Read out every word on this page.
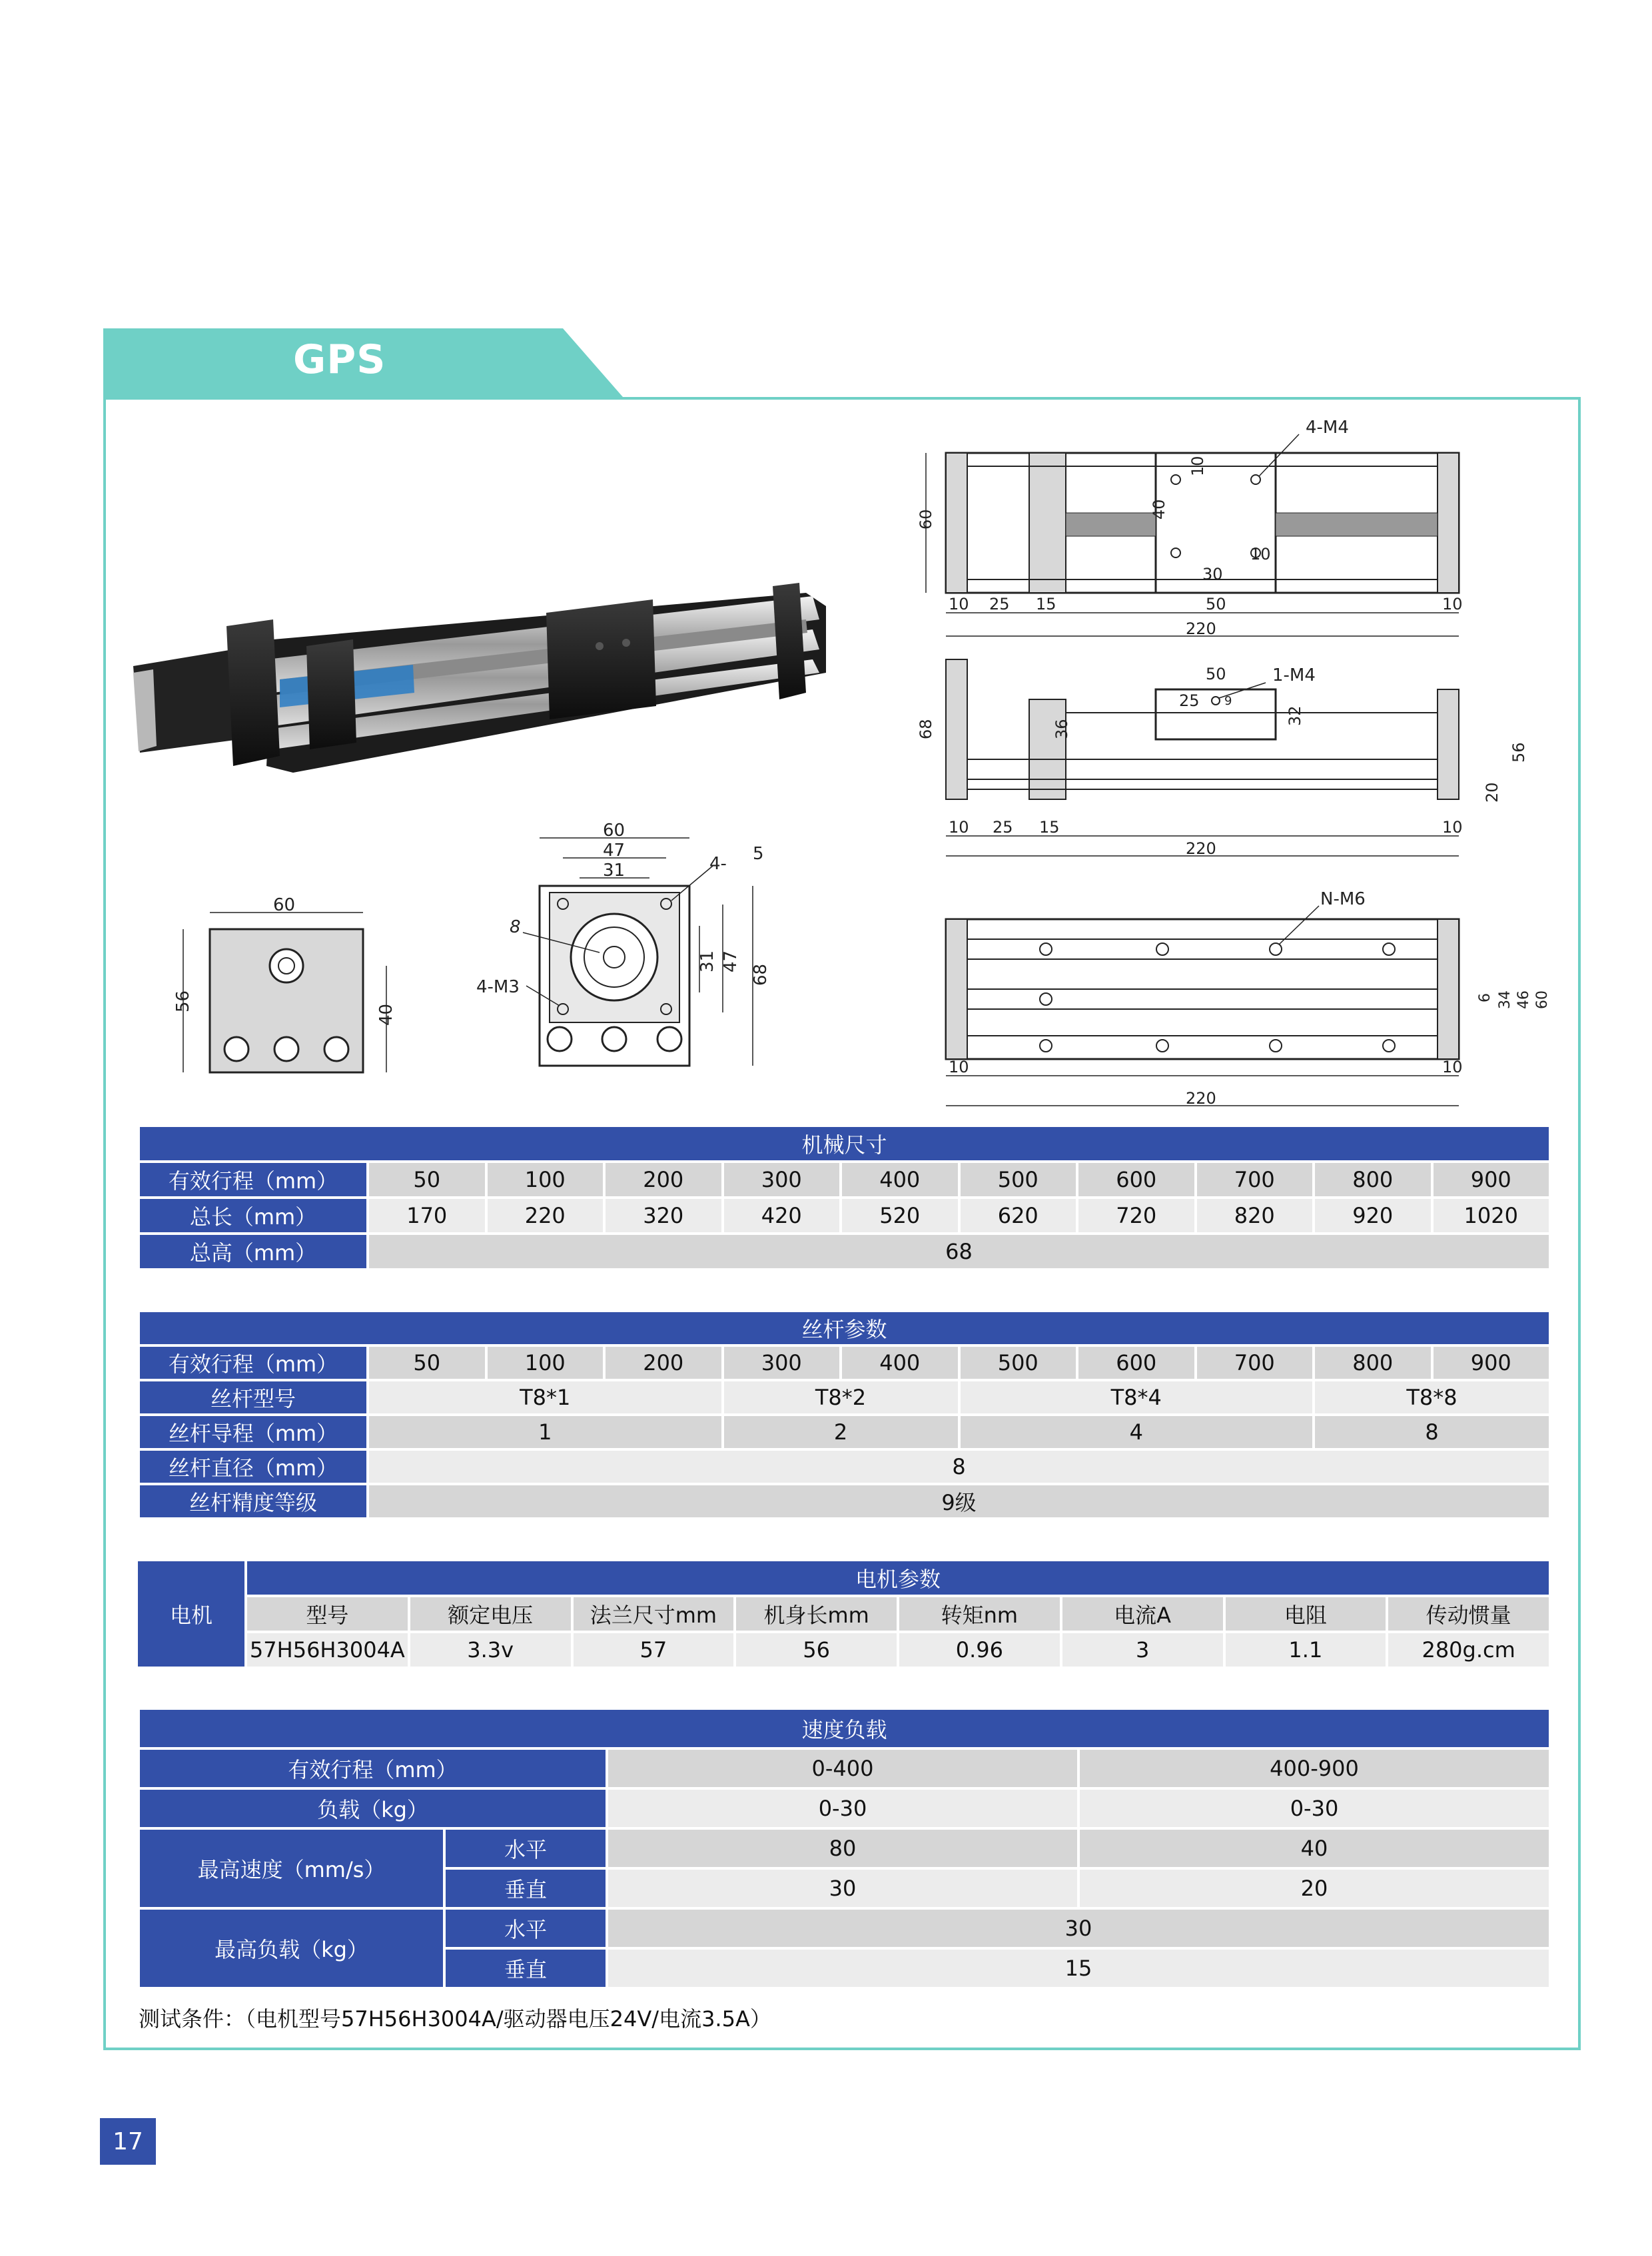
GPS
4-M4
60
10 25 15	50	10
40
10
30
10
220
1-M4
68	36
50
25 9
32
56
20
10 25 15	10
220
N-M6
6 34 46 60
10	10
220
60
56
40
60
47
31	4- 5
8
4-M3
31 47
68
机械尺寸										
有效行程（mm）	50	100	200	300	400	500	600	700	800	900
总长（mm）	170	220	320	420	520	620	720	820	920	1020
总高（mm）	68									
丝杆参数										
有效行程（mm）	50	100	200	300	400	500	600	700	800	900
丝杆型号	T8*1			T8*2		T8*4			T8*8	
丝杆导程（mm）	1			2		4			8	
丝杆直径（mm）	8									
丝杆精度等级	9级									
电机	电机参数							
	型号	额定电压	法兰尺寸mm	机身长mm	转矩nm	电流A	电阻	传动惯量
	57H56H3004A	3.3v	57	56	0.96	3	1.1	280g.cm
速度负载			
有效行程（mm）		0-400	400-900
负载（kg）		0-30	0-30
最高速度（mm/s）	水平	80	40
	垂直	30	20
最高负载（kg）	水平	30	
	垂直	15	
测试条件：（电机型号57H56H3004A/驱动器电压24V/电流3.5A）
17
